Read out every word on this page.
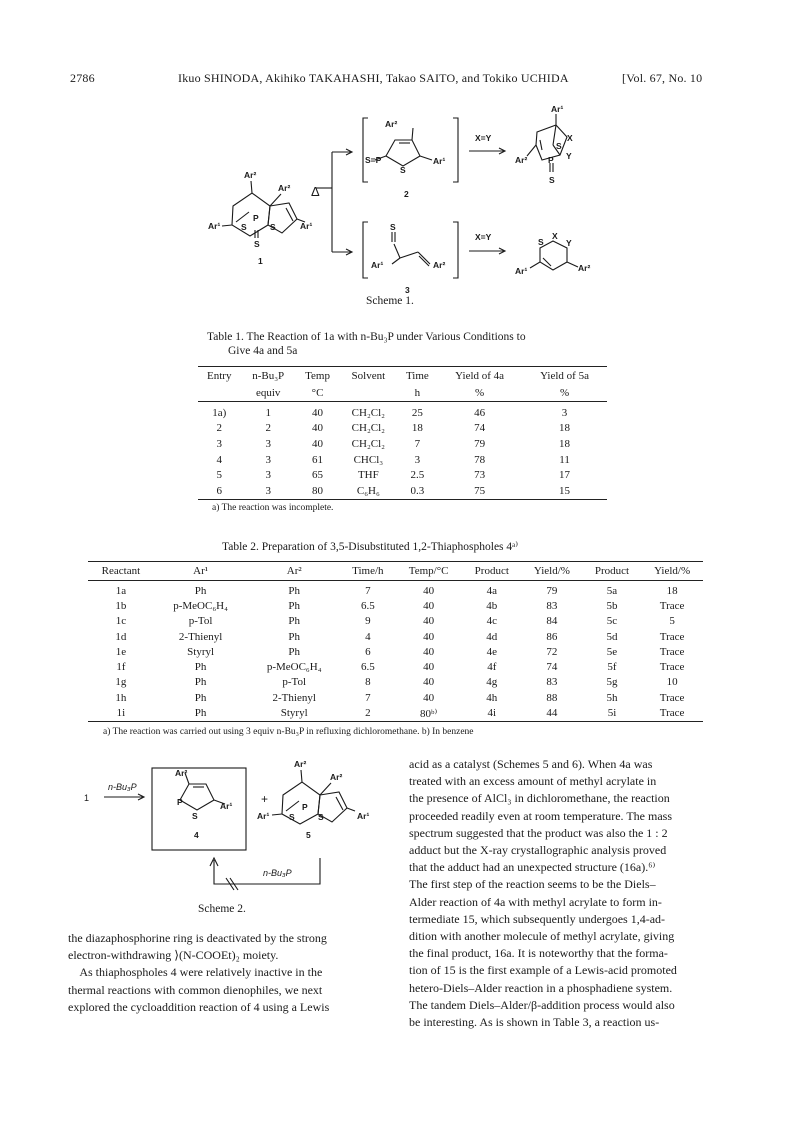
2786	Ikuo SHINODA, Akihiko TAKAHASHI, Takao SAITO, and Tokiko UCHIDA	[Vol. 67, No. 10
Ar²
Ar²
Ar¹	Ar¹
S
P
S
S
1
Δ
Ar²
S=P
S
Ar¹
2
X=Y
Ar¹
X
S
Y
P
Ar²
S
S
Ar¹	Ar²
3
X=Y	S
X
Y
Ar¹	Ar²
1
n-Bu₃P
Ar²
P
S
Ar¹
4
+
Ar²
Ar²
Ar¹	Ar¹
S
P
S
5
n-Bu₃P
Scheme 1.
Table 1. The Reaction of 1a with n-Bu₃P under Various Conditions to
Give 4a and 5a
Entry	n-Bu₃P	Temp	Solvent	Time	Yield of 4a	Yield of 5a
	equiv	°C		h	%	%
1a)	1	40	CH₂Cl₂	25	46	3
2	2	40	CH₂Cl₂	18	74	18
3	3	40	CH₂Cl₂	7	79	18
4	3	61	CHCl₃	3	78	11
5	3	65	THF	2.5	73	17
6	3	80	C₆H₆	0.3	75	15
a) The reaction was incomplete.
Table 2. Preparation of 3,5-Disubstituted 1,2-Thiaphospholes 4ᵃ⁾
Reactant	Ar¹	Ar²	Time/h	Temp/°C	Product	Yield/%	Product	Yield/%
1a	Ph	Ph	7	40	4a	79	5a	18
1b	p-MeOC₆H₄	Ph	6.5	40	4b	83	5b	Trace
1c	p-Tol	Ph	9	40	4c	84	5c	5
1d	2-Thienyl	Ph	4	40	4d	86	5d	Trace
1e	Styryl	Ph	6	40	4e	72	5e	Trace
1f	Ph	p-MeOC₆H₄	6.5	40	4f	74	5f	Trace
1g	Ph	p-Tol	8	40	4g	83	5g	10
1h	Ph	2-Thienyl	7	40	4h	88	5h	Trace
1i	Ph	Styryl	2	80ᵇ⁾	4i	44	5i	Trace
a) The reaction was carried out using 3 equiv n-Bu₃P in refluxing dichloromethane. b) In benzene
Scheme 2.

the diazaphosphorine ring is deactivated by the strong

electron-withdrawing ⟩(N-COOEt)₂ moiety.

As thiaphospholes 4 were relatively inactive in the

thermal reactions with common dienophiles, we next

explored the cycloaddition reaction of 4 using a Lewis

acid as a catalyst (Schemes 5 and 6). When 4a was

treated with an excess amount of methyl acrylate in

the presence of AlCl₃ in dichloromethane, the reaction

proceeded readily even at room temperature. The mass

spectrum suggested that the product was also the 1 : 2

adduct but the X-ray crystallographic analysis proved

that the adduct had an unexpected structure (16a).⁶⁾

The first step of the reaction seems to be the Diels–

Alder reaction of 4a with methyl acrylate to form in-

termediate 15, which subsequently undergoes 1,4-ad-

dition with another molecule of methyl acrylate, giving

the final product, 16a. It is noteworthy that the forma-

tion of 15 is the first example of a Lewis-acid promoted

hetero-Diels–Alder reaction in a phosphadiene system.

The tandem Diels–Alder/β-addition process would also

be interesting. As is shown in Table 3, a reaction us-
